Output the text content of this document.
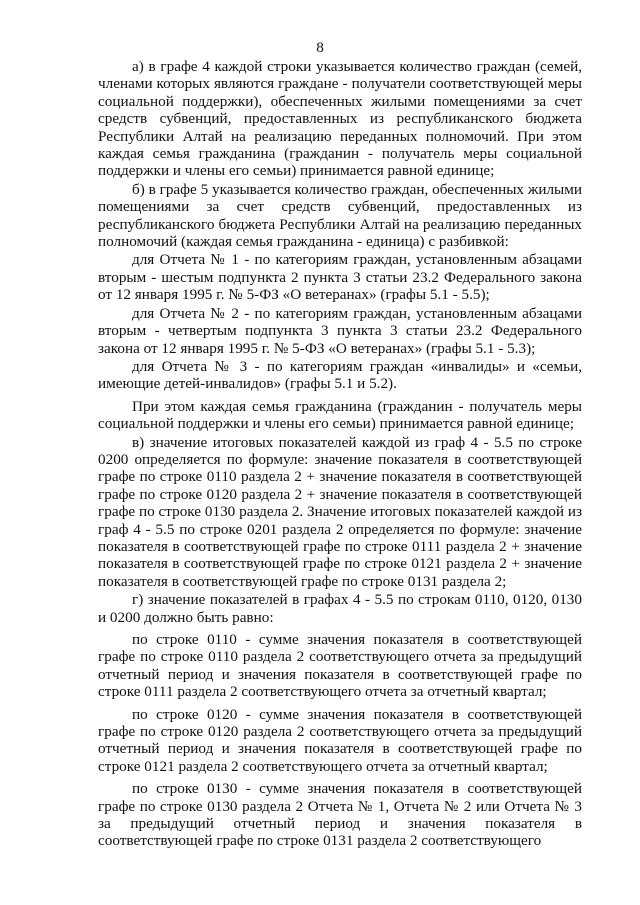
8

а) в графе 4 каждой строки указывается количество граждан (семей, членами которых являются граждане - получатели соответствующей меры социальной поддержки), обеспеченных жилыми помещениями за счет средств субвенций, предоставленных из республиканского бюджета Республики Алтай на реализацию переданных полномочий. При этом каждая семья гражданина (гражданин - получатель меры социальной поддержки и члены его семьи) принимается равной единице;

б) в графе 5 указывается количество граждан, обеспеченных жилыми помещениями за счет средств субвенций, предоставленных из республиканского бюджета Республики Алтай на реализацию переданных полномочий (каждая семья гражданина - единица) с разбивкой:

для Отчета № 1 - по категориям граждан, установленным абзацами вторым - шестым подпункта 2 пункта 3 статьи 23.2 Федерального закона от 12 января 1995 г. № 5-ФЗ «О ветеранах» (графы 5.1 - 5.5);

для Отчета № 2 - по категориям граждан, установленным абзацами вторым - четвертым подпункта 3 пункта 3 статьи 23.2 Федерального закона от 12 января 1995 г. № 5-ФЗ «О ветеранах» (графы 5.1 - 5.3);

для Отчета № 3 - по категориям граждан «инвалиды» и «семьи, имеющие детей-инвалидов» (графы 5.1 и 5.2).

При этом каждая семья гражданина (гражданин - получатель меры социальной поддержки и члены его семьи) принимается равной единице;

в) значение итоговых показателей каждой из граф 4 - 5.5 по строке 0200 определяется по формуле: значение показателя в соответствующей графе по строке 0110 раздела 2 + значение показателя в соответствующей графе по строке 0120 раздела 2 + значение показателя в соответствующей графе по строке 0130 раздела 2. Значение итоговых показателей каждой из граф 4 - 5.5 по строке 0201 раздела 2 определяется по формуле: значение показателя в соответствующей графе по строке 0111 раздела 2 + значение показателя в соответствующей графе по строке 0121 раздела 2 + значение показателя в соответствующей графе по строке 0131 раздела 2;

г) значение показателей в графах 4 - 5.5 по строкам 0110, 0120, 0130 и 0200 должно быть равно:

по строке 0110 - сумме значения показателя в соответствующей графе по строке 0110 раздела 2 соответствующего отчета за предыдущий отчетный период и значения показателя в соответствующей графе по строке 0111 раздела 2 соответствующего отчета за отчетный квартал;

по строке 0120 - сумме значения показателя в соответствующей графе по строке 0120 раздела 2 соответствующего отчета за предыдущий отчетный период и значения показателя в соответствующей графе по строке 0121 раздела 2 соответствующего отчета за отчетный квартал;

по строке 0130 - сумме значения показателя в соответствующей графе по строке 0130 раздела 2 Отчета № 1, Отчета № 2 или Отчета № 3 за предыдущий отчетный период и значения показателя в соответствующей графе по строке 0131 раздела 2 соответствующего
